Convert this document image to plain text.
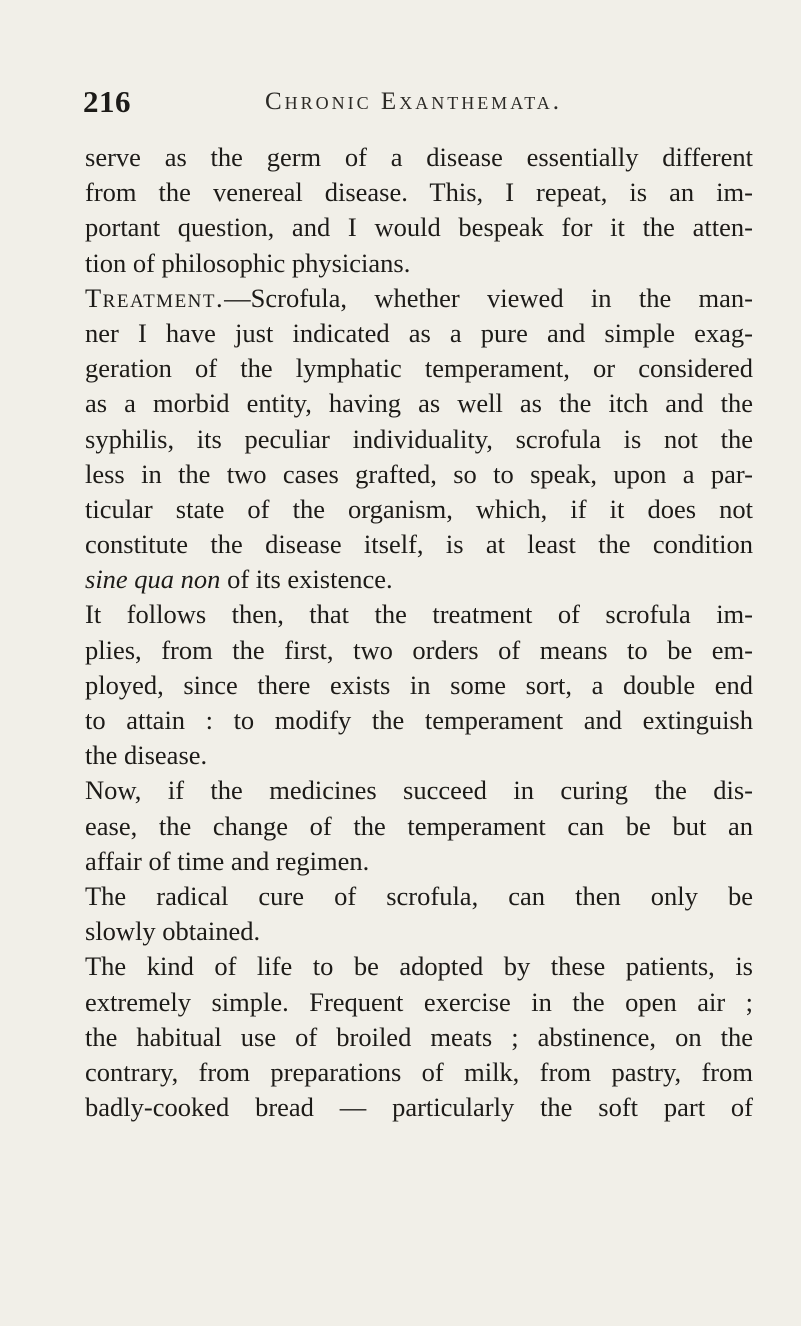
216	Chronic Exanthemata.
serve as the germ of a disease essentially different
from the venereal disease. This, I repeat, is an im-
portant question, and I would bespeak for it the atten-
tion of philosophic physicians.
Treatment.—Scrofula, whether viewed in the man-
ner I have just indicated as a pure and simple exag-
geration of the lymphatic temperament, or considered
as a morbid entity, having as well as the itch and the
syphilis, its peculiar individuality, scrofula is not the
less in the two cases grafted, so to speak, upon a par-
ticular state of the organism, which, if it does not
constitute the disease itself, is at least the condition
sine qua non of its existence.
It follows then, that the treatment of scrofula im-
plies, from the first, two orders of means to be em-
ployed, since there exists in some sort, a double end
to attain : to modify the temperament and extinguish
the disease.
Now, if the medicines succeed in curing the dis-
ease, the change of the temperament can be but an
affair of time and regimen.
The radical cure of scrofula, can then only be
slowly obtained.
The kind of life to be adopted by these patients, is
extremely simple. Frequent exercise in the open air ;
the habitual use of broiled meats ; abstinence, on the
contrary, from preparations of milk, from pastry, from
badly-cooked bread — particularly the soft part of
